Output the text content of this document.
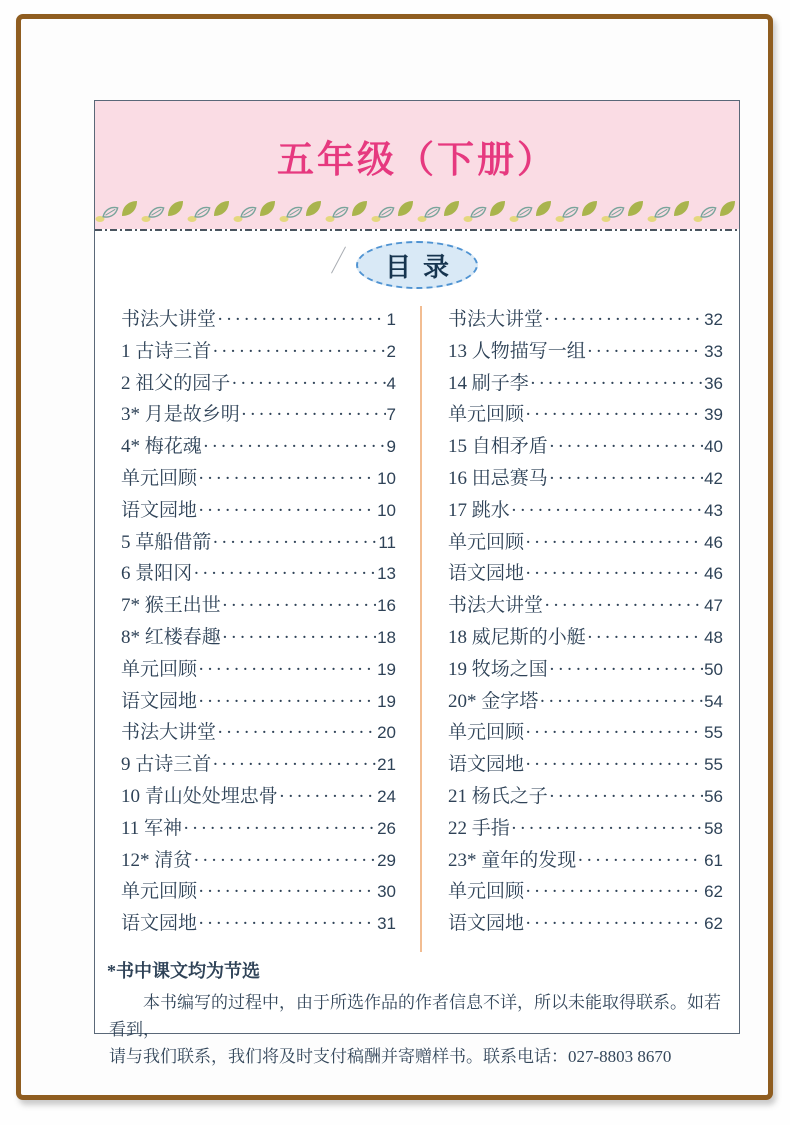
五年级（下册）
目录
书法大讲堂 ·····	1
1 古诗三首 ·····	2
2 祖父的园子 ·····	4
3* 月是故乡明 ·····	7
4* 梅花魂 ·····	9
单元回顾 ·····	10
语文园地 ·····	10
5 草船借箭 ·····	11
6 景阳冈 ·····	13
7* 猴王出世 ·····	16
8* 红楼春趣 ·····	18
单元回顾 ·····	19
语文园地 ·····	19
书法大讲堂 ·····	20
9 古诗三首 ·····	21
10 青山处处埋忠骨 ·····	24
11 军神 ·····	26
12* 清贫 ·····	29
单元回顾 ·····	30
语文园地 ·····	31
书法大讲堂 ·····	32
13 人物描写一组 ·····	33
14 刷子李 ·····	36
单元回顾 ·····	39
15 自相矛盾 ·····	40
16 田忌赛马 ·····	42
17 跳水 ·····	43
单元回顾 ·····	46
语文园地 ·····	46
书法大讲堂 ·····	47
18 威尼斯的小艇 ·····	48
19 牧场之国 ·····	50
20* 金字塔 ·····	54
单元回顾 ·····	55
语文园地 ·····	55
21 杨氏之子 ·····	56
22 手指 ·····	58
23* 童年的发现 ·····	61
单元回顾 ·····	62
语文园地 ·····	62
*书中课文均为节选
本书编写的过程中，由于所选作品的作者信息不详，所以未能取得联系。如若看到，
请与我们联系，我们将及时支付稿酬并寄赠样书。联系电话：027-8803 8670
